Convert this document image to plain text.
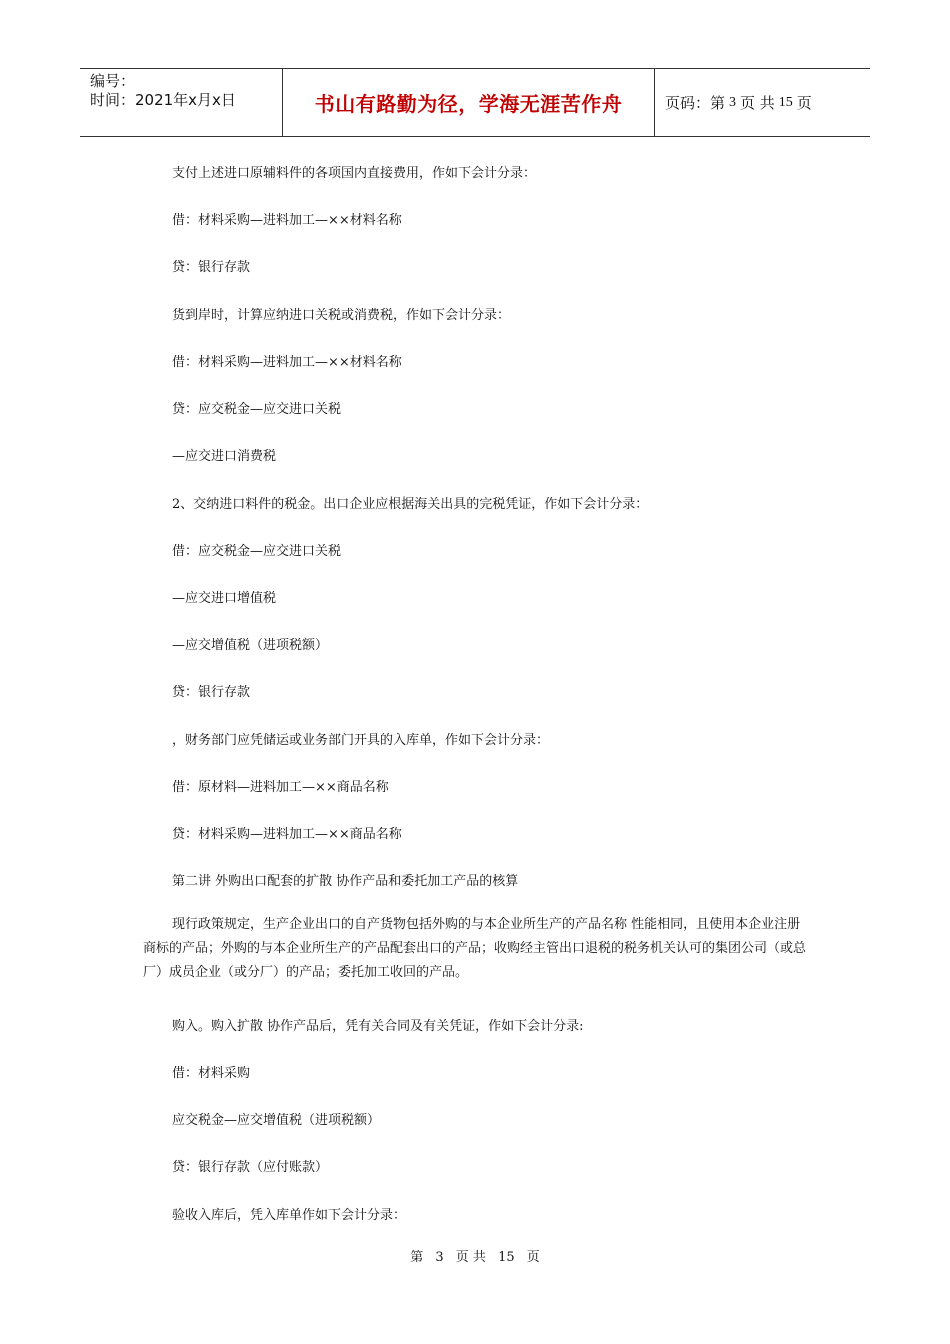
编号：
时间：2021年x月x日	书山有路勤为径，学海无涯苦作舟	页码：第 3 页 共 15 页
支付上述进口原辅料件的各项国内直接费用，作如下会计分录：
借：材料采购—进料加工—××材料名称
贷：银行存款
货到岸时，计算应纳进口关税或消费税，作如下会计分录：
借：材料采购—进料加工—××材料名称
贷：应交税金—应交进口关税
—应交进口消费税
2、交纳进口料件的税金。出口企业应根据海关出具的完税凭证，作如下会计分录：
借：应交税金—应交进口关税
—应交进口增值税
—应交增值税（进项税额）
贷：银行存款
，财务部门应凭储运或业务部门开具的入库单，作如下会计分录：
借：原材料—进料加工—××商品名称
贷：材料采购—进料加工—××商品名称
第二讲 外购出口配套的扩散 协作产品和委托加工产品的核算
现行政策规定，生产企业出口的自产货物包括外购的与本企业所生产的产品名称 性能相同，且使用本企业注册商标的产品；外购的与本企业所生产的产品配套出口的产品；收购经主管出口退税的税务机关认可的集团公司（或总厂）成员企业（或分厂）的产品；委托加工收回的产品。
购入。购入扩散 协作产品后，凭有关合同及有关凭证，作如下会计分录:
借：材料采购
应交税金—应交增值税（进项税额）
贷：银行存款（应付账款）
验收入库后，凭入库单作如下会计分录：
第 3 页 共 15 页
